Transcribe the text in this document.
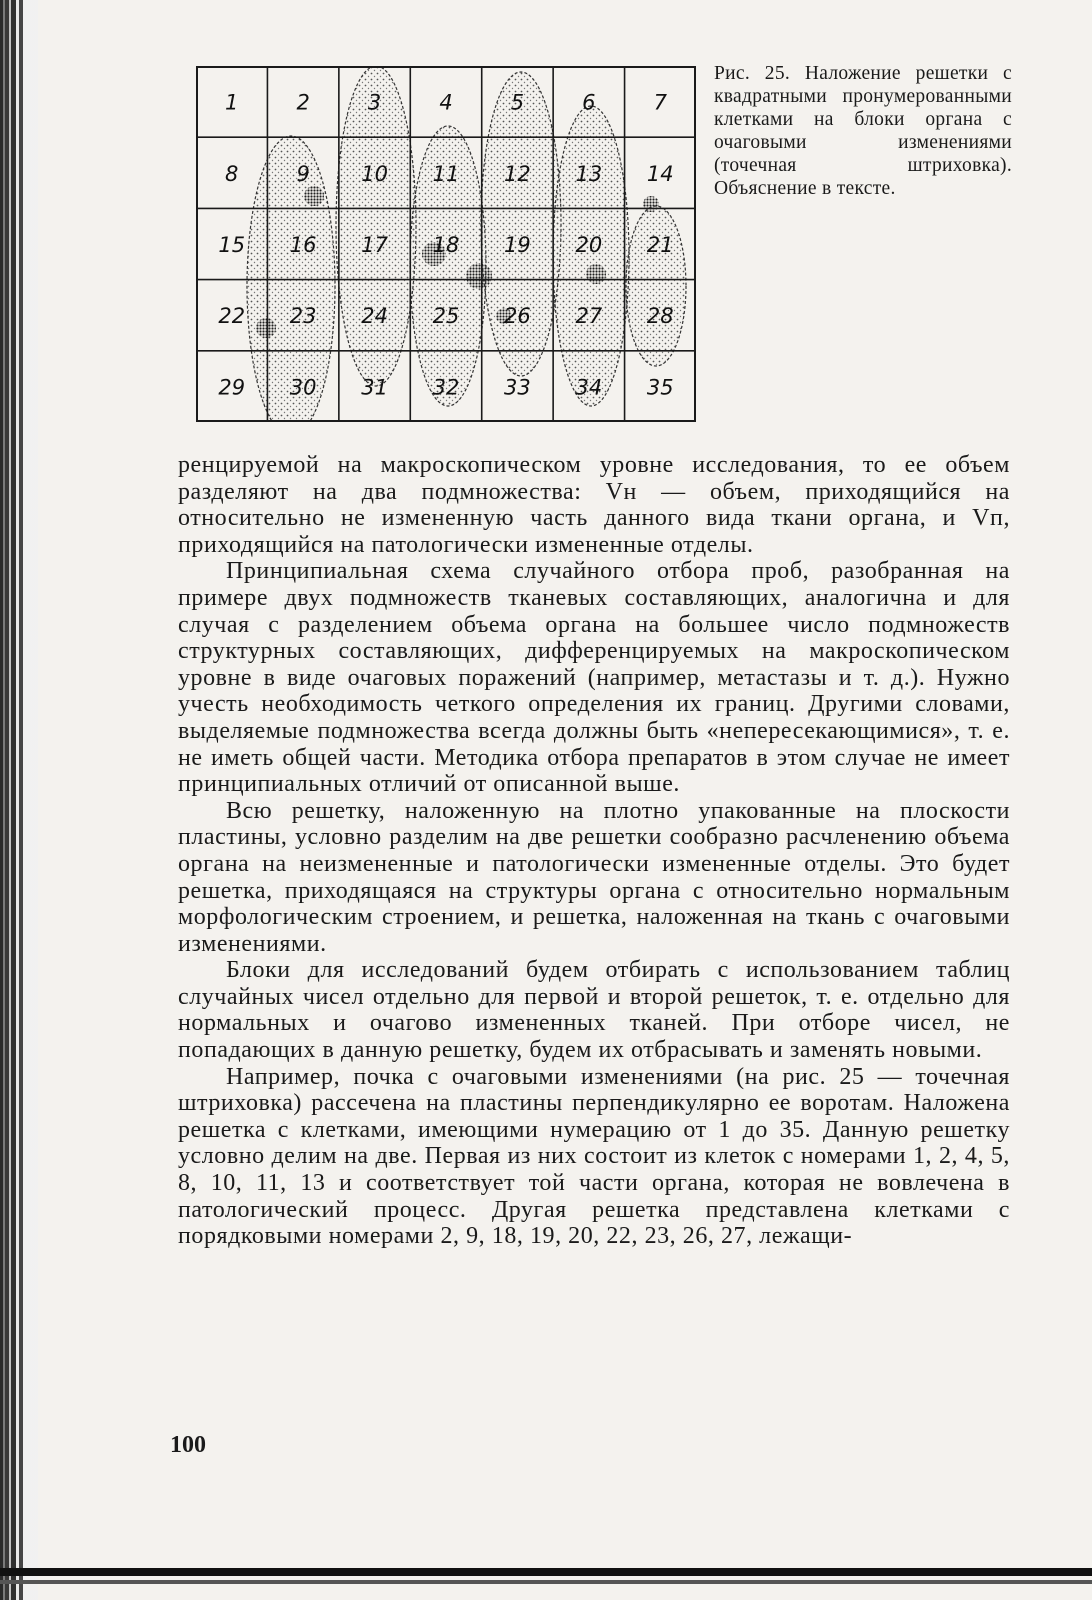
1	2	3	4	5	6	7
8	9 10 11 12 13 14
15 16 17 18 19 20 21
22 23 24 25 26 27 28
29 30 31 32 33 34 35
Рис. 25. Наложение решетки с квадратными пронумерованными клетками на блоки органа с очаговыми изменениями (точечная штриховка). Объяснение в тексте.

ренцируемой на макроскопическом уровне исследования, то ее объем разделяют на два подмножества: Vн — объем, приходящийся на относительно не измененную часть данного вида ткани органа, и Vп, приходящийся на патологически измененные отделы.

Принципиальная схема случайного отбора проб, разобранная на примере двух подмножеств тканевых составляющих, аналогична и для случая с разделением объема органа на большее число подмножеств структурных составляющих, дифференцируемых на макроскопическом уровне в виде очаговых поражений (например, метастазы и т. д.). Нужно учесть необходимость четкого определения их границ. Другими словами, выделяемые подмножества всегда должны быть «непересекающимися», т. е. не иметь общей части. Методика отбора препаратов в этом случае не имеет принципиальных отличий от описанной выше.

Всю решетку, наложенную на плотно упакованные на плоскости пластины, условно разделим на две решетки сообразно расчленению объема органа на неизмененные и патологически измененные отделы. Это будет решетка, приходящаяся на структуры органа с относительно нормальным морфологическим строением, и решетка, наложенная на ткань с очаговыми изменениями.

Блоки для исследований будем отбирать с использованием таблиц случайных чисел отдельно для первой и второй решеток, т. е. отдельно для нормальных и очагово измененных тканей. При отборе чисел, не попадающих в данную решетку, будем их отбрасывать и заменять новыми.

Например, почка с очаговыми изменениями (на рис. 25 — точечная штриховка) рассечена на пластины перпендикулярно ее воротам. Наложена решетка с клетками, имеющими нумерацию от 1 до 35. Данную решетку условно делим на две. Первая из них состоит из клеток с номерами 1, 2, 4, 5, 8, 10, 11, 13 и соответствует той части органа, которая не вовлечена в патологический процесс. Другая решетка представлена клетками с порядковыми номерами 2, 9, 18, 19, 20, 22, 23, 26, 27, лежащи-

100
